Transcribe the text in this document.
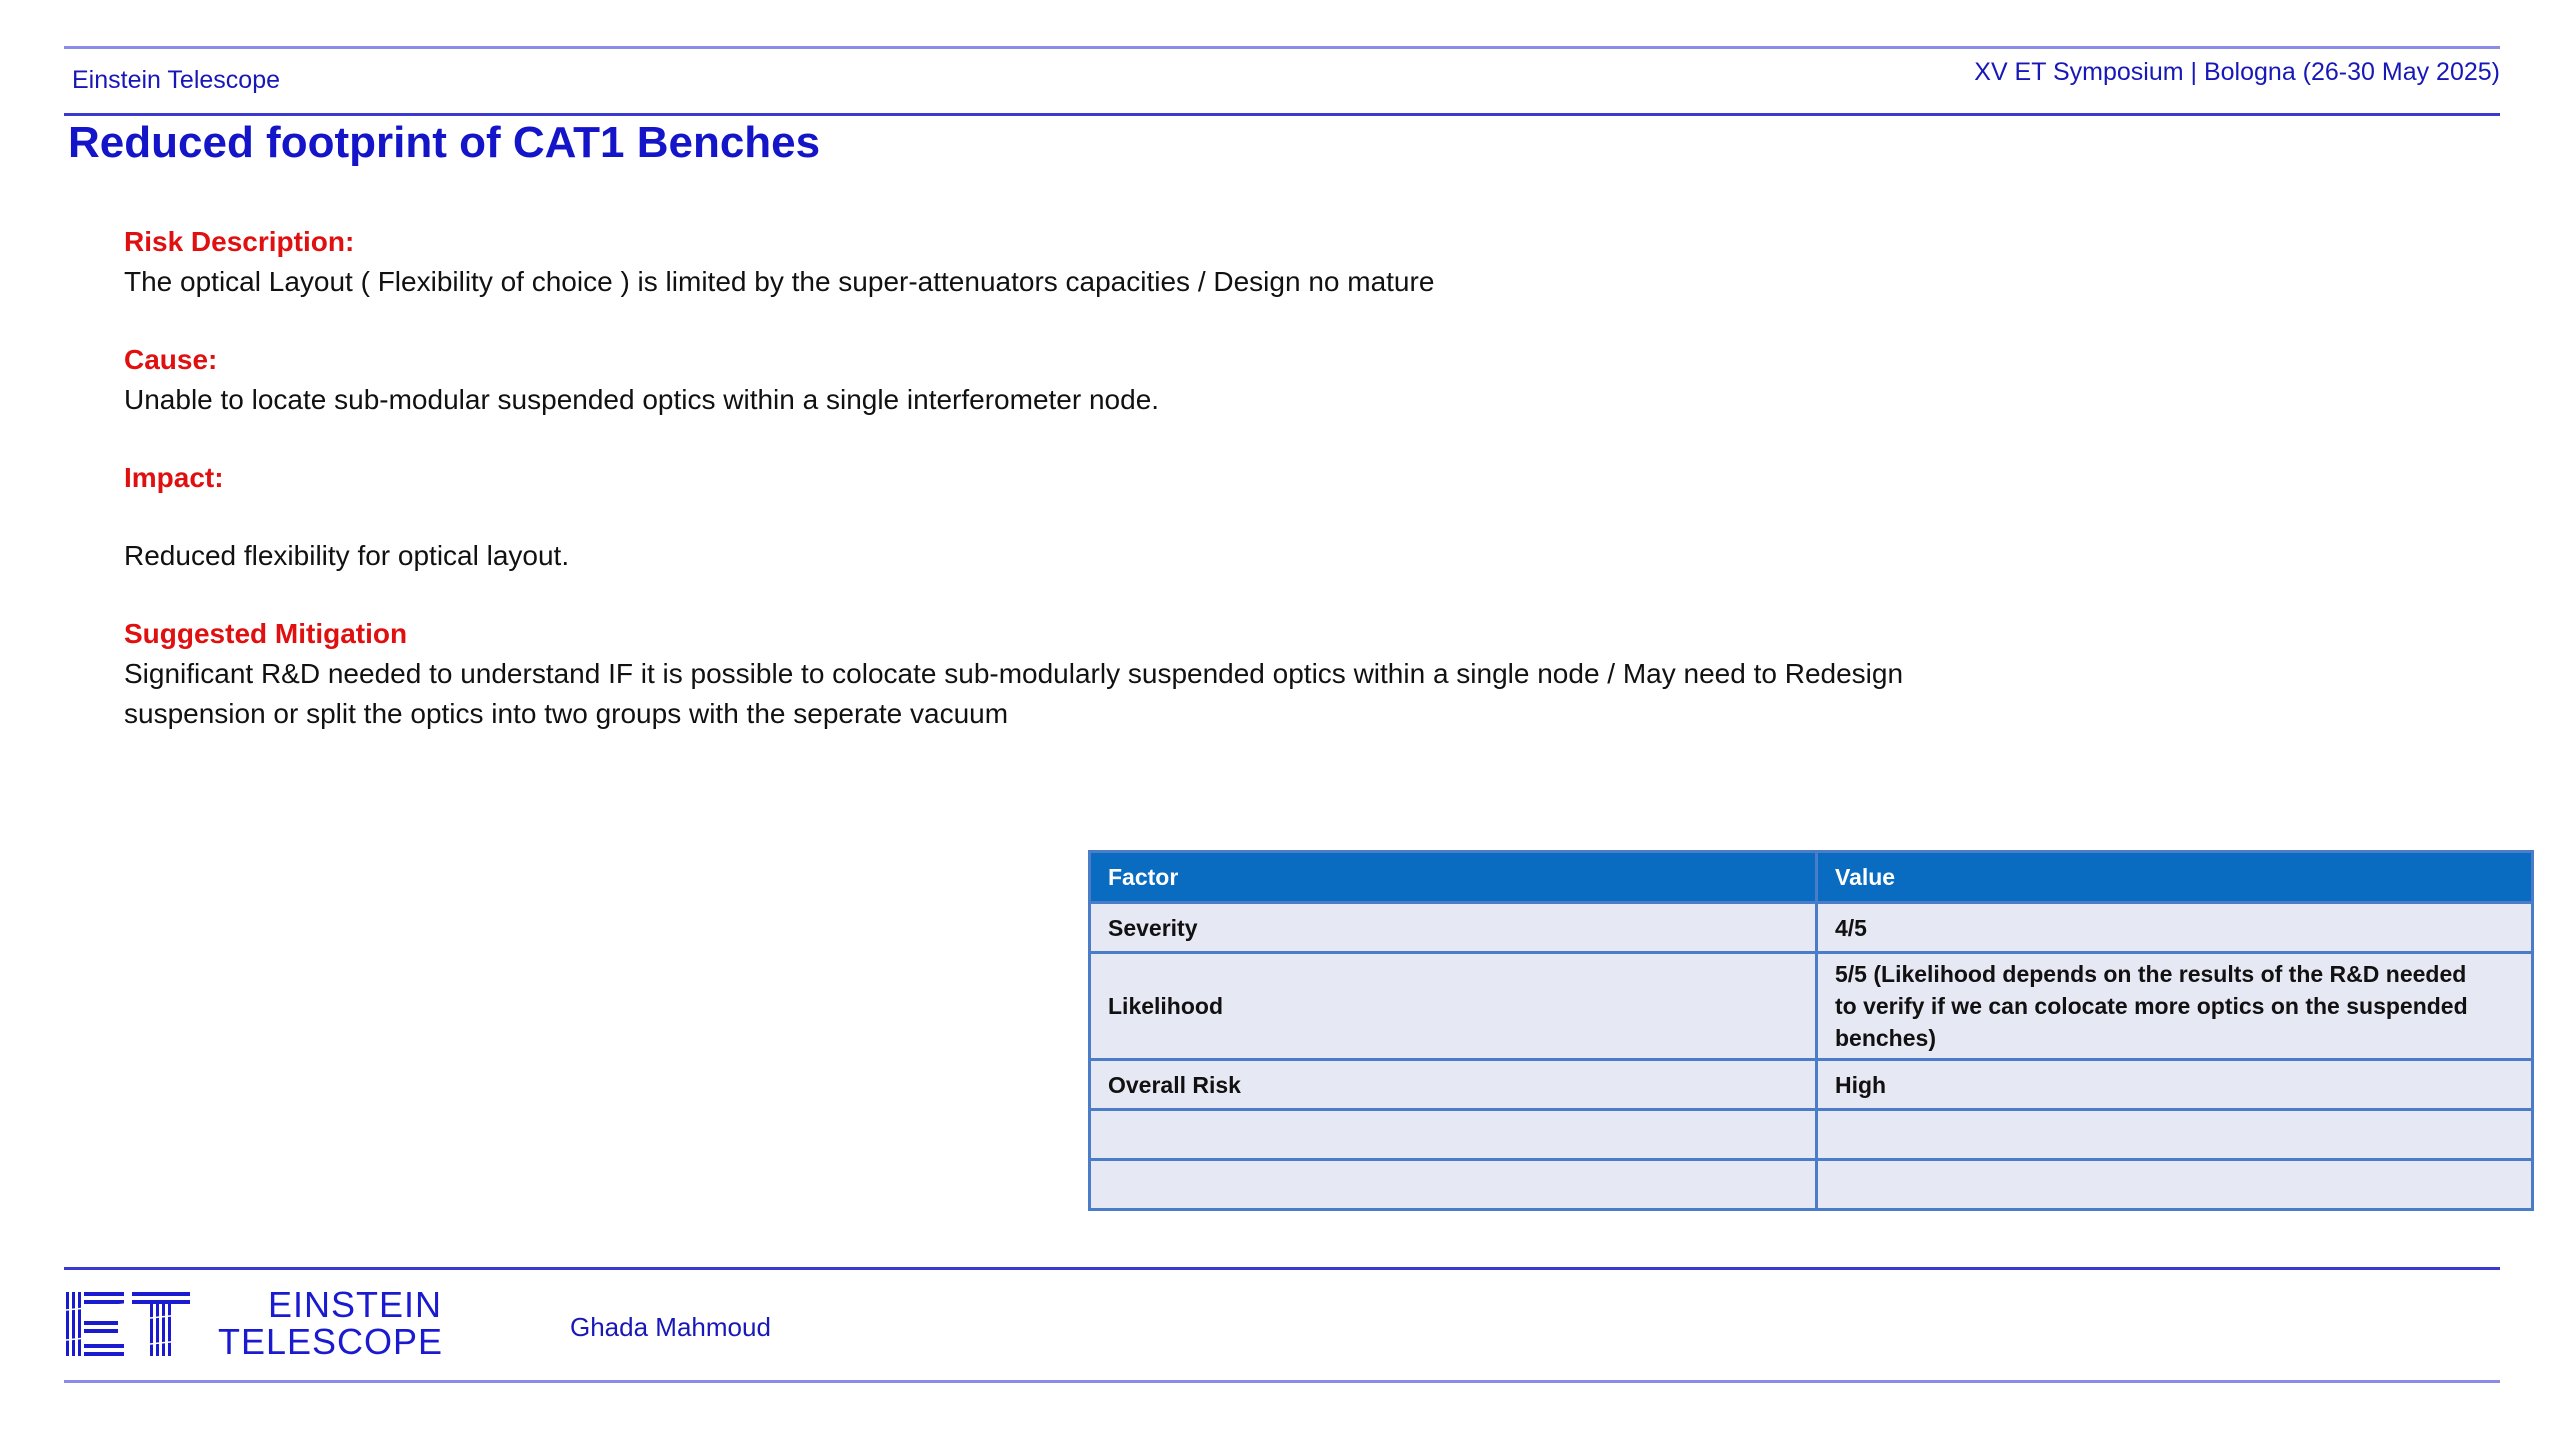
Einstein Telescope	XV ET Symposium | Bologna (26-30 May 2025)
Reduced footprint of CAT1 Benches
Risk Description:
The optical Layout ( Flexibility of choice ) is limited by the super-attenuators capacities / Design no mature
Cause:
Unable to locate sub-modular suspended optics within a single interferometer node.
Impact:
Reduced flexibility for optical layout.
Suggested Mitigation
Significant R&D needed to understand IF it is possible to colocate sub-modularly suspended optics within a single node / May need to Redesign
suspension or split the optics into two groups with the seperate vacuum
Factor	Value
Severity	4/5
Likelihood	5/5 (Likelihood depends on the results of the R&D needed
to verify if we can colocate more optics on the suspended
benches)

Overall Risk	High

EINSTEIN
TELESCOPE	Ghada Mahmoud
